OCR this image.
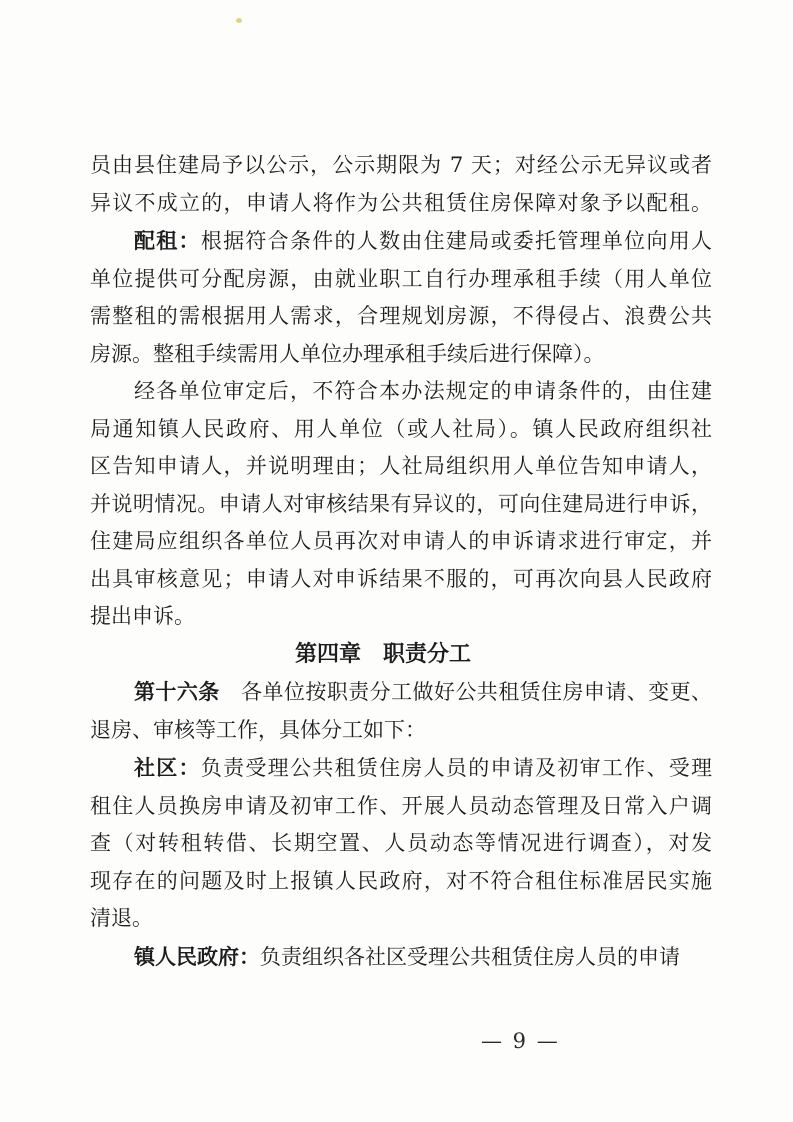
员由县住建局予以公示，公示期限为 7 天；对经公示无异议或者
异议不成立的，申请人将作为公共租赁住房保障对象予以配租。
配租：根据符合条件的人数由住建局或委托管理单位向用人
单位提供可分配房源，由就业职工自行办理承租手续（用人单位
需整租的需根据用人需求，合理规划房源，不得侵占、浪费公共
房源。整租手续需用人单位办理承租手续后进行保障）。
经各单位审定后，不符合本办法规定的申请条件的，由住建
局通知镇人民政府、用人单位（或人社局）。镇人民政府组织社
区告知申请人，并说明理由；人社局组织用人单位告知申请人，
并说明情况。申请人对审核结果有异议的，可向住建局进行申诉，
住建局应组织各单位人员再次对申请人的申诉请求进行审定，并
出具审核意见；申请人对申诉结果不服的，可再次向县人民政府
提出申诉。
第四章　职责分工
第十六条　各单位按职责分工做好公共租赁住房申请、变更、
退房、审核等工作，具体分工如下：
社区：负责受理公共租赁住房人员的申请及初审工作、受理
租住人员换房申请及初审工作、开展人员动态管理及日常入户调
查（对转租转借、长期空置、人员动态等情况进行调查），对发
现存在的问题及时上报镇人民政府，对不符合租住标准居民实施
清退。
镇人民政府：负责组织各社区受理公共租赁住房人员的申请
— 9 —
